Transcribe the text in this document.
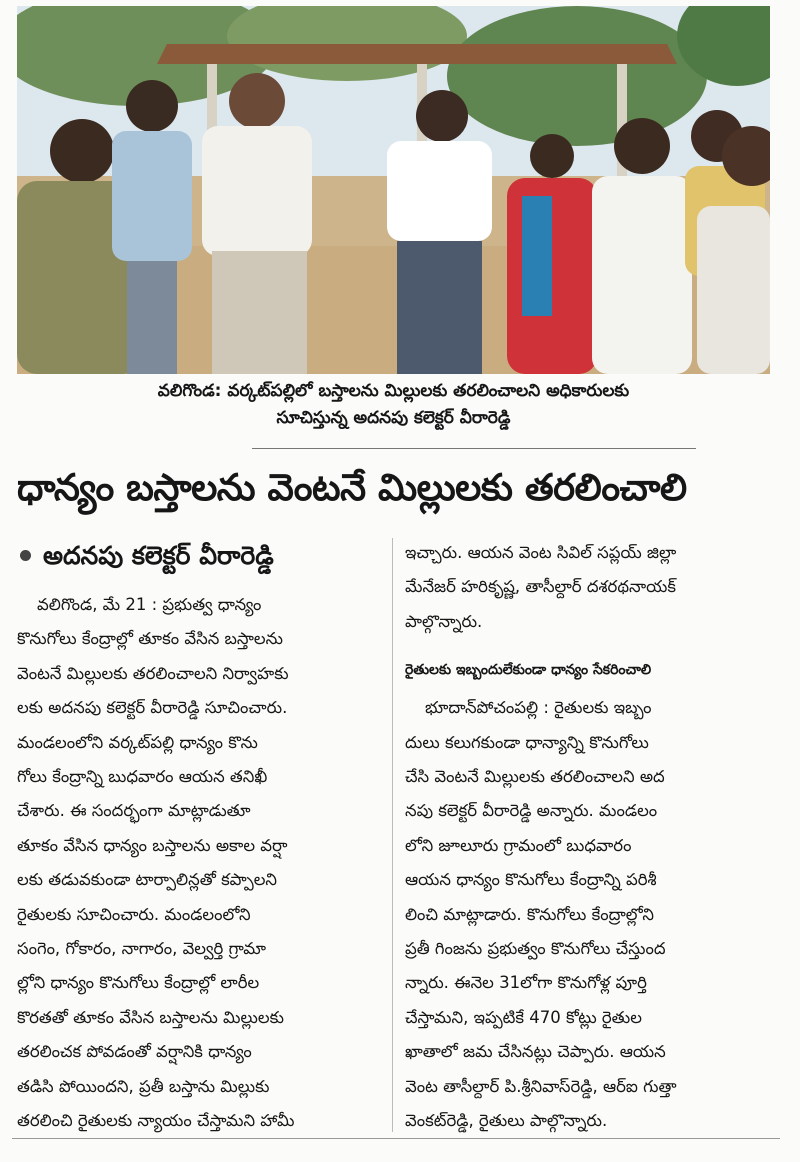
వలిగొండ: వర్కట్‌పల్లిలో బస్తాలను మిల్లులకు తరలించాలని అధికారులకు
సూచిస్తున్న అదనపు కలెక్టర్ వీరారెడ్డి
ధాన్యం బస్తాలను వెంటనే మిల్లులకు తరలించాలి
అదనపు కలెక్టర్ వీరారెడ్డి
వలిగొండ, మే 21 : ప్రభుత్వ ధాన్యం
కొనుగోలు కేంద్రాల్లో తూకం వేసిన బస్తాలను
వెంటనే మిల్లులకు తరలించాలని నిర్వాహకు
లకు అదనపు కలెక్టర్ వీరారెడ్డి సూచించారు.
మండలంలోని వర్కట్‌పల్లి ధాన్యం కొను
గోలు కేంద్రాన్ని బుధవారం ఆయన తనిఖీ
చేశారు. ఈ సందర్భంగా మాట్లాడుతూ
తూకం వేసిన ధాన్యం బస్తాలను అకాల వర్షా
లకు తడువకుండా టార్పాలిన్లతో కప్పాలని
రైతులకు సూచించారు. మండలంలోని
సంగెం, గోకారం, నాగారం, వెల్వర్తి గ్రామా
ల్లోని ధాన్యం కొనుగోలు కేంద్రాల్లో లారీల
కొరతతో తూకం వేసిన బస్తాలను మిల్లులకు
తరలించక పోవడంతో వర్షానికి ధాన్యం
తడిసి పోయిందని, ప్రతీ బస్తాను మిల్లుకు
తరలించి రైతులకు న్యాయం చేస్తామని హామీ
ఇచ్చారు. ఆయన వెంట సివిల్ సప్లయ్ జిల్లా
మేనేజర్ హరికృష్ణ, తాసీల్దార్ దశరథనాయక్
పాల్గొన్నారు.
రైతులకు ఇబ్బందులేకుండా ధాన్యం సేకరించాలి
భూదాన్‌పోచంపల్లి : రైతులకు ఇబ్బం
దులు కలుగకుండా ధాన్యాన్ని కొనుగోలు
చేసి వెంటనే మిల్లులకు తరలించాలని అద
నపు కలెక్టర్ వీరారెడ్డి అన్నారు. మండలం
లోని జూలూరు గ్రామంలో బుధవారం
ఆయన ధాన్యం కొనుగోలు కేంద్రాన్ని పరిశీ
లించి మాట్లాడారు. కొనుగోలు కేంద్రాల్లోని
ప్రతీ గింజను ప్రభుత్వం కొనుగోలు చేస్తుంద
న్నారు. ఈనెల 31లోగా కొనుగోళ్ల పూర్తి
చేస్తామని, ఇప్పటికే 470 కోట్లు రైతుల
ఖాతాలో జమ చేసినట్లు చెప్పారు. ఆయన
వెంట తాసీల్దార్ పి.శ్రీనివాస్‌రెడ్డి, ఆర్ఐ గుత్తా
వెంకట్‌రెడ్డి, రైతులు పాల్గొన్నారు.
